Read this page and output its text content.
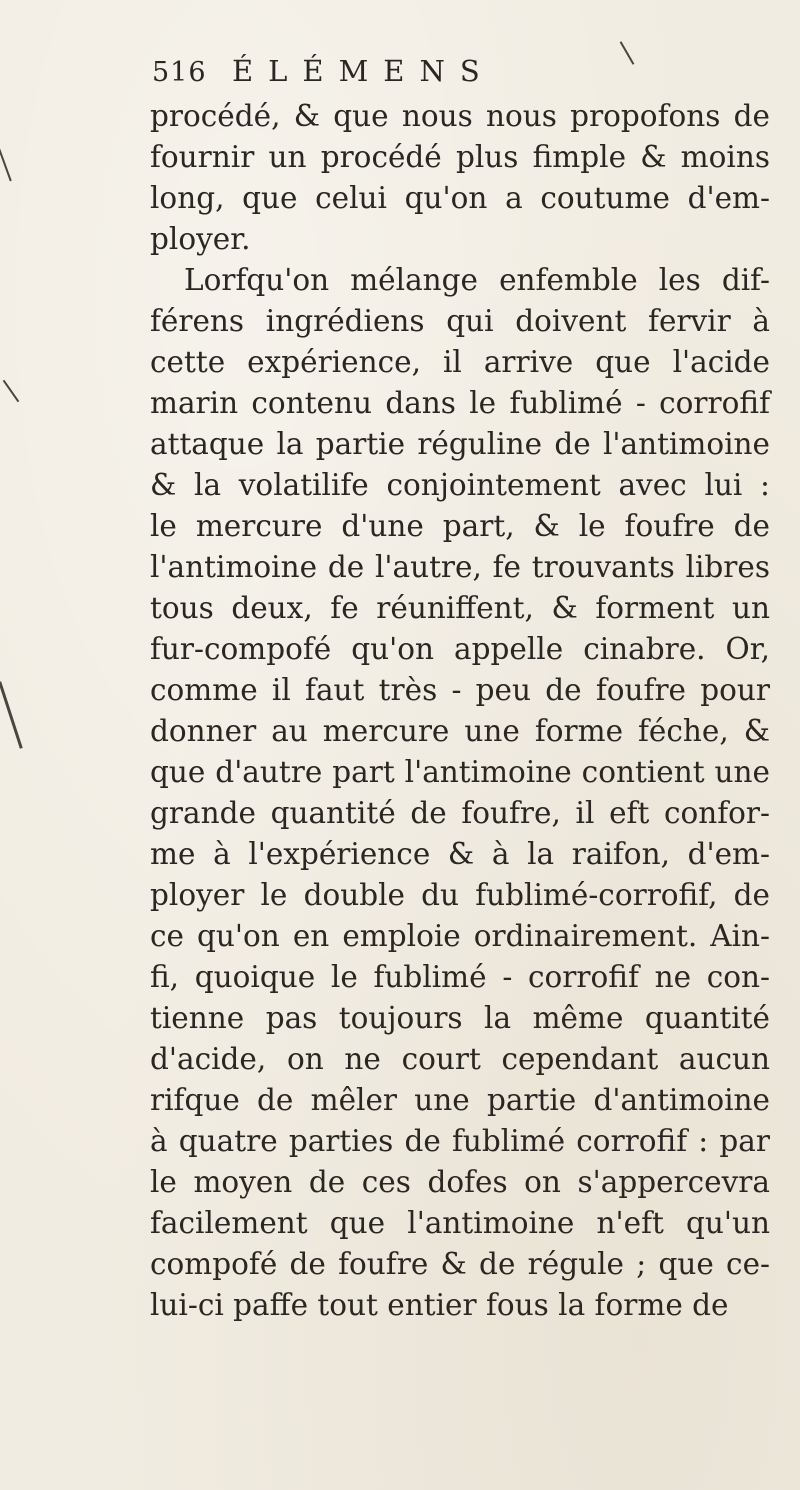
516 ÉLÉMENS
procédé, & que nous nous propofons de
fournir un procédé plus fimple & moins
long, que celui qu'on a coutume d'em-
ployer.
Lorfqu'on mélange enfemble les dif-
férens ingrédiens qui doivent fervir à
cette expérience, il arrive que l'acide
marin contenu dans le fublimé - corrofif
attaque la partie réguline de l'antimoine
& la volatilife conjointement avec lui :
le mercure d'une part, & le foufre de
l'antimoine de l'autre, fe trouvants libres
tous deux, fe réuniffent, & forment un
fur-compofé qu'on appelle cinabre. Or,
comme il faut très - peu de foufre pour
donner au mercure une forme féche, &
que d'autre part l'antimoine contient une
grande quantité de foufre, il eft confor-
me à l'expérience & à la raifon, d'em-
ployer le double du fublimé-corrofif, de
ce qu'on en emploie ordinairement. Ain-
fi, quoique le fublimé - corrofif ne con-
tienne pas toujours la même quantité
d'acide, on ne court cependant aucun
rifque de mêler une partie d'antimoine
à quatre parties de fublimé corrofif : par
le moyen de ces dofes on s'appercevra
facilement que l'antimoine n'eft qu'un
compofé de foufre & de régule ; que ce-
lui-ci paffe tout entier fous la forme de
